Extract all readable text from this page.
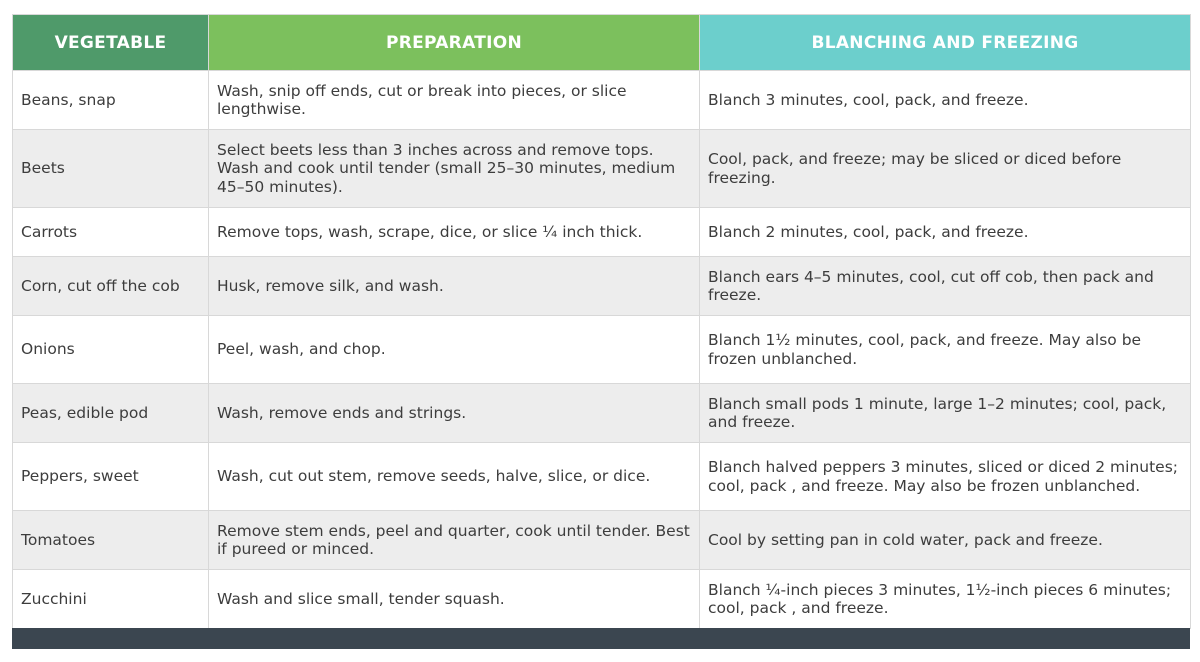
VEGETABLE	PREPARATION	BLANCHING AND FREEZING
Beans, snap	Wash, snip off ends, cut or break into pieces, or slice lengthwise.	Blanch 3 minutes, cool, pack, and freeze.
Beets	Select beets less than 3 inches across and remove tops. Wash and cook until tender (small 25–30 minutes, medium 45–50 minutes).	Cool, pack, and freeze; may be sliced or diced before freezing.
Carrots	Remove tops, wash, scrape, dice, or slice ¼ inch thick.	Blanch 2 minutes, cool, pack, and freeze.
Corn, cut off the cob	Husk, remove silk, and wash.	Blanch ears 4–5 minutes, cool, cut off cob, then pack and freeze.
Onions	Peel, wash, and chop.	Blanch 1½ minutes, cool, pack, and freeze. May also be frozen unblanched.
Peas, edible pod	Wash, remove ends and strings.	Blanch small pods 1 minute, large 1–2 minutes; cool, pack, and freeze.
Peppers, sweet	Wash, cut out stem, remove seeds, halve, slice, or dice.	Blanch halved peppers 3 minutes, sliced or diced 2 minutes; cool, pack , and freeze. May also be frozen unblanched.
Tomatoes	Remove stem ends, peel and quarter, cook until tender. Best if pureed or minced.	Cool by setting pan in cold water, pack and freeze.
Zucchini	Wash and slice small, tender squash.	Blanch ¼-inch pieces 3 minutes, 1½-inch pieces 6 minutes; cool, pack , and freeze.
